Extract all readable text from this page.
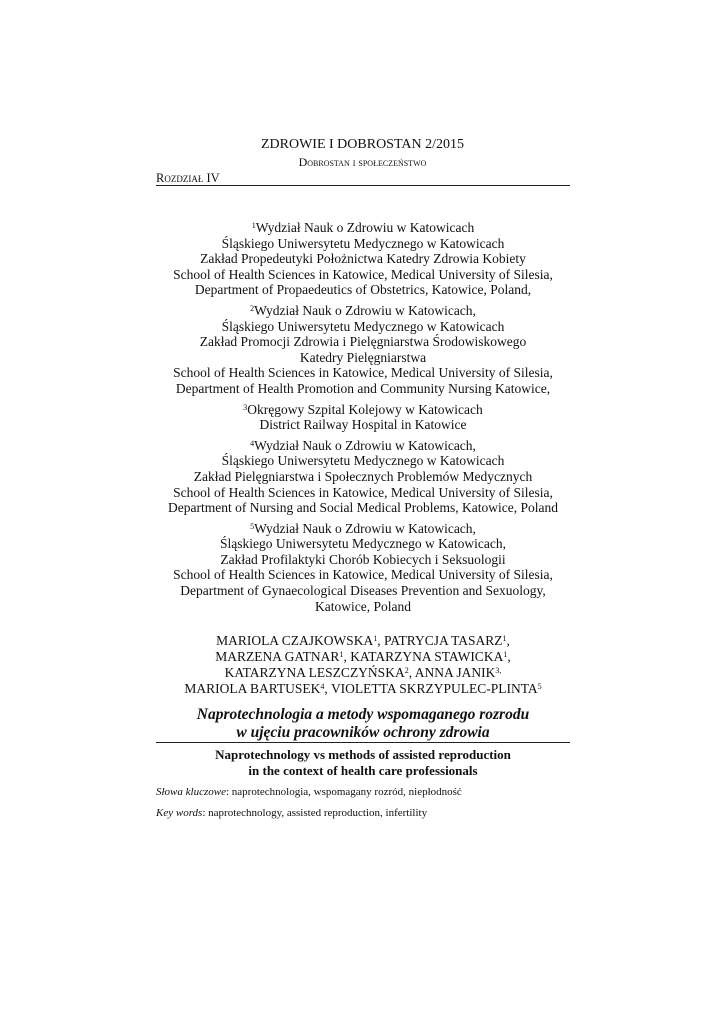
ZDROWIE I DOBROSTAN 2/2015
Dobrostan i społeczeństwo
Rozdział IV
$^1$Wydział Nauk o Zdrowiu w Katowicach
Śląskiego Uniwersytetu Medycznego w Katowicach
Zakład Propedeutyki Położnictwa Katedry Zdrowia Kobiety
School of Health Sciences in Katowice, Medical University of Silesia,
Department of Propaedeutics of Obstetrics, Katowice, Poland,
$^2$Wydział Nauk o Zdrowiu w Katowicach,
Śląskiego Uniwersytetu Medycznego w Katowicach
Zakład Promocji Zdrowia i Pielęgniarstwa Środowiskowego
Katedry Pielęgniarstwa
School of Health Sciences in Katowice, Medical University of Silesia,
Department of Health Promotion and Community Nursing Katowice,
$^3$Okręgowy Szpital Kolejowy w Katowicach
District Railway Hospital in Katowice
$^4$Wydział Nauk o Zdrowiu w Katowicach,
Śląskiego Uniwersytetu Medycznego w Katowicach
Zakład Pielęgniarstwa i Społecznych Problemów Medycznych
School of Health Sciences in Katowice, Medical University of Silesia,
Department of Nursing and Social Medical Problems, Katowice, Poland
$^5$Wydział Nauk o Zdrowiu w Katowicach,
Śląskiego Uniwersytetu Medycznego w Katowicach,
Zakład Profilaktyki Chorób Kobiecych i Seksuologii
School of Health Sciences in Katowice, Medical University of Silesia,
Department of Gynaecological Diseases Prevention and Sexuology,
Katowice, Poland
MARIOLA CZAJKOWSKA$^1$, PATRYCJA TASARZ$^1$,
MARZENA GATNAR$^1$, KATARZYNA STAWICKA$^1$,
KATARZYNA LESZCZYŃSKA$^2$, ANNA $JANIK^{3,}$
MARIOLA BARTUSEK$^4$, VIOLETTA SKRZYPULEC-PLINTA$^5$
Naprotechnologia a metody wspomaganego rozrodu
w ujęciu pracowników ochrony zdrowia
Naprotechnology vs methods of assisted reproduction
in the context of health care professionals
Słowa kluczowe: naprotechnologia, wspomagany rozród, niepłodność
Key words: naprotechnology, assisted reproduction, infertility
